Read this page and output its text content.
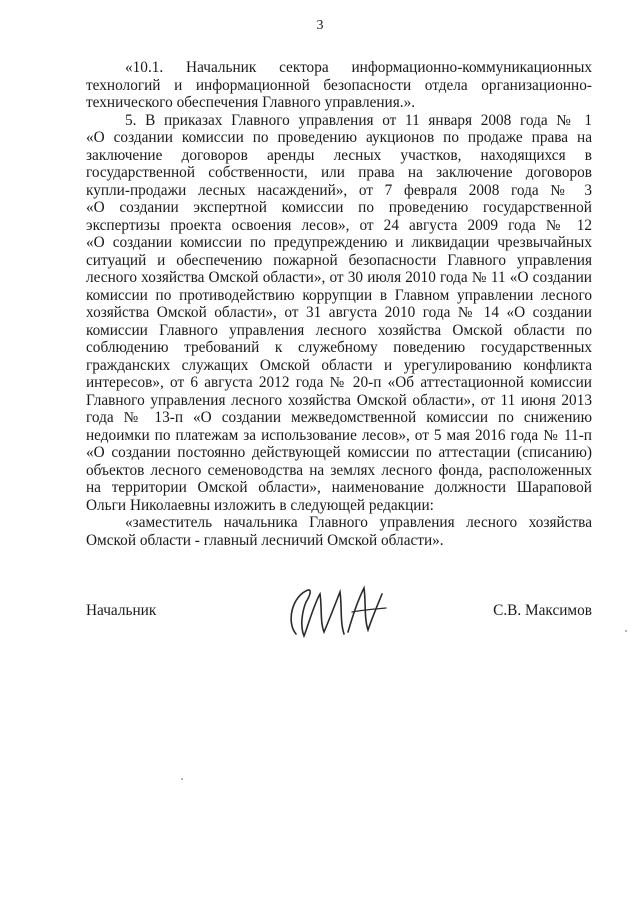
3
«10.1. Начальник сектора информационно-коммуникационных
технологий и информационной безопасности отдела организационно-
технического обеспечения Главного управления.».
5. В приказах Главного управления от 11 января 2008 года № 1
«О создании комиссии по проведению аукционов по продаже права на
заключение договоров аренды лесных участков, находящихся в
государственной собственности, или права на заключение договоров
купли-продажи лесных насаждений», от 7 февраля 2008 года № 3
«О создании экспертной комиссии по проведению государственной
экспертизы проекта освоения лесов», от 24 августа 2009 года № 12
«О создании комиссии по предупреждению и ликвидации чрезвычайных
ситуаций и обеспечению пожарной безопасности Главного управления
лесного хозяйства Омской области», от 30 июля 2010 года № 11 «О создании
комиссии по противодействию коррупции в Главном управлении лесного
хозяйства Омской области», от 31 августа 2010 года № 14 «О создании
комиссии Главного управления лесного хозяйства Омской области по
соблюдению требований к служебному поведению государственных
гражданских служащих Омской области и урегулированию конфликта
интересов», от 6 августа 2012 года № 20-п «Об аттестационной комиссии
Главного управления лесного хозяйства Омской области», от 11 июня 2013
года № 13-п «О создании межведомственной комиссии по снижению
недоимки по платежам за использование лесов», от 5 мая 2016 года № 11-п
«О создании постоянно действующей комиссии по аттестации (списанию)
объектов лесного семеноводства на землях лесного фонда, расположенных
на территории Омской области», наименование должности Шараповой
Ольги Николаевны изложить в следующей редакции:
«заместитель начальника Главного управления лесного хозяйства
Омской области - главный лесничий Омской области».
Начальник	С.В. Максимов
